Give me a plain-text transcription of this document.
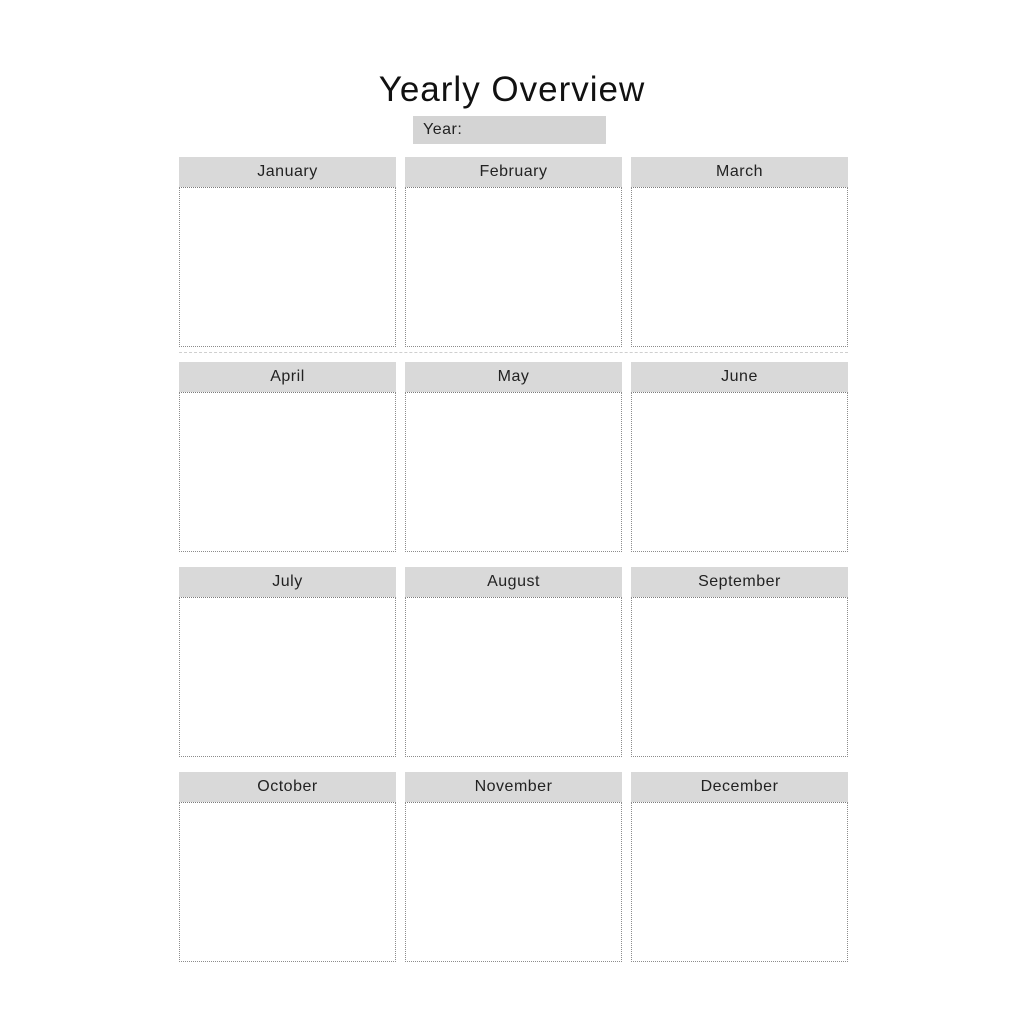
Yearly Overview
Year:
January	February	March
April	May	June
July	August	September
October	November	December
